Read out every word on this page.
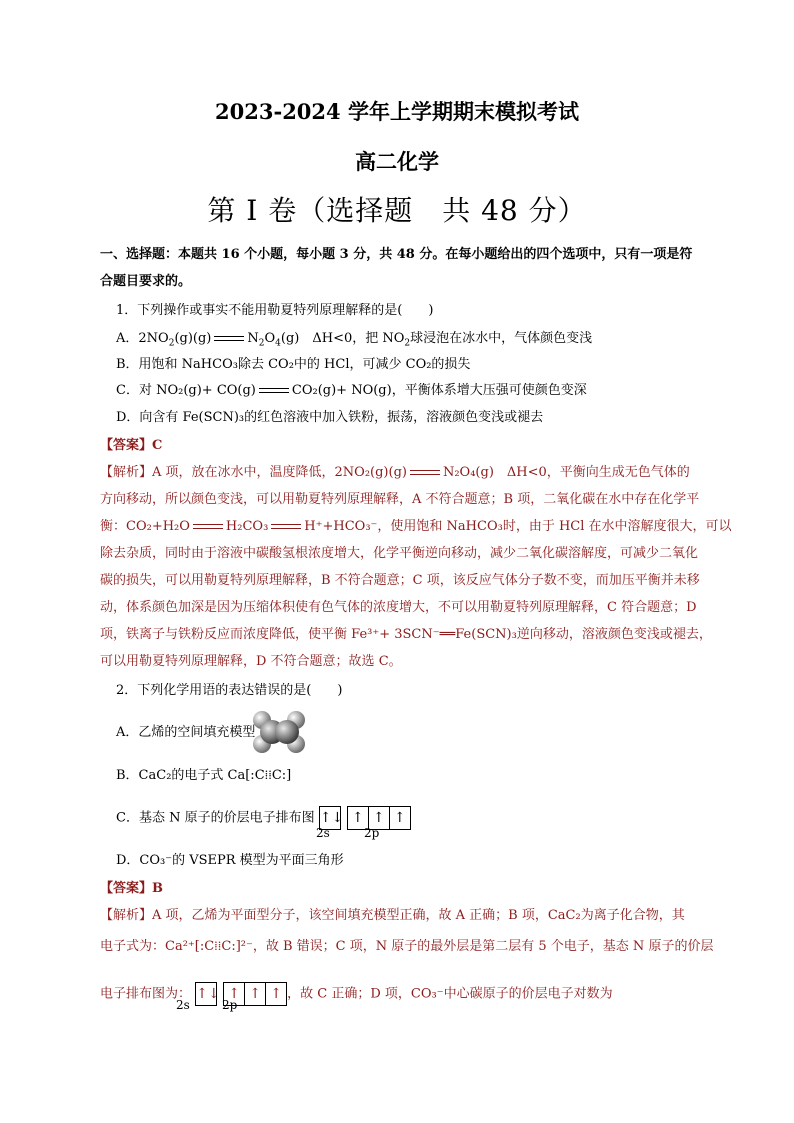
2023-2024 学年上学期期末模拟考试
高二化学
第 I 卷（选择题　共 48 分）
一、选择题：本题共 16 个小题，每小题 3 分，共 48 分。在每小题给出的四个选项中，只有一项是符
合题目要求的。
1．下列操作或事实不能用勒夏特列原理解释的是(　　)
A．$2NO_2(g)(g)$	$N_2O_4(g)$　ΔH<0，把 $NO_2$球浸泡在冰水中，气体颜色变浅
B．用饱和 NaHCO₃除去 CO₂中的 HCl，可减少 CO₂的损失
C．对 NO₂(g)+ CO(g)	CO₂(g)+ NO(g)，平衡体系增大压强可使颜色变深
D．向含有 Fe(SCN)₃的红色溶液中加入铁粉，振荡，溶液颜色变浅或褪去
【答案】C
【解析】A 项，放在冰水中，温度降低，2NO₂(g)(g)	N₂O₄(g)　ΔH<0，平衡向生成无色气体的
方向移动，所以颜色变浅，可以用勒夏特列原理解释，A 不符合题意；B 项，二氧化碳在水中存在化学平
衡：CO₂+H₂O	H₂CO₃	H⁺+HCO₃⁻，使用饱和 NaHCO₃时，由于 HCl 在水中溶解度很大，可以
除去杂质，同时由于溶液中碳酸氢根浓度增大，化学平衡逆向移动，减少二氧化碳溶解度，可减少二氧化
碳的损失，可以用勒夏特列原理解释，B 不符合题意；C 项，该反应气体分子数不变，而加压平衡并未移
动，体系颜色加深是因为压缩体积使有色气体的浓度增大，不可以用勒夏特列原理解释，C 符合题意；D
项，铁离子与铁粉反应而浓度降低，使平衡 Fe³⁺+ 3SCN⁻══Fe(SCN)₃逆向移动，溶液颜色变浅或褪去，
可以用勒夏特列原理解释，D 不符合题意；故选 C。
2．下列化学用语的表达错误的是(　　)
A．乙烯的空间填充模型
B．CaC₂的电子式 Ca[:C⁞⁞C:]
C．基态 N 原子的价层电子排布图 ↑↓ ↑ ↑ ↑
2s	2p
D．CO₃⁻的 VSEPR 模型为平面三角形
【答案】B
【解析】A 项，乙烯为平面型分子，该空间填充模型正确，故 A 正确；B 项，CaC₂为离子化合物，其
电子式为：Ca²⁺[:C⁞⁞C:]²⁻，故 B 错误；C 项，N 原子的最外层是第二层有 5 个电子，基态 N 原子的价层
电子排布图为： ↑↓ ↑ ↑ ↑ ，故 C 正确；D 项，CO₃⁻中心碳原子的价层电子对数为
2s	2p
